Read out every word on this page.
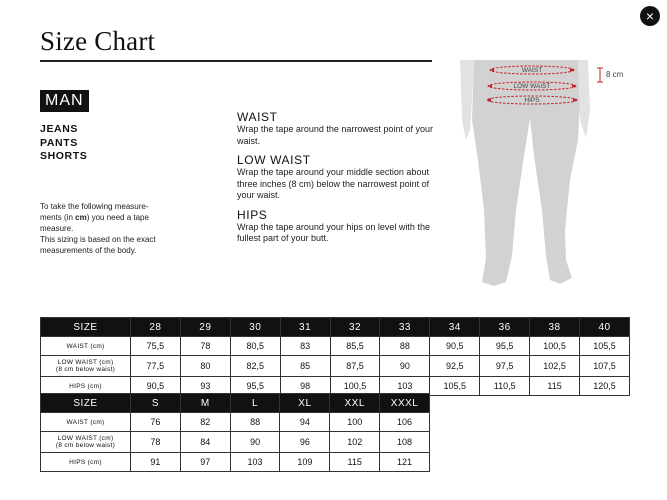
×
Size Chart
MAN
JEANS
PANTS
SHORTS
To take the following measure-
ments (in cm) you need a tape
measure.
This sizing is based on the exact
measurements of the body.
WAIST
Wrap the tape around the narrowest point of your waist.
LOW WAIST
Wrap the tape around your middle section about three inches (8 cm) below the narrowest point of your waist.
HIPS
Wrap the tape around your hips on level with the fullest part of your butt.
WAIST
LOW WAIST
HIPS
8 cm
SIZE	28	29	30	31	32	33	34	36	38	40
WAIST (cm)	75,5	78	80,5	83	85,5	88	90,5	95,5	100,5	105,5

LOW WAIST (cm)
(8 cm below waist)	77,5	80	82,5	85	87,5	90	92,5	97,5	102,5	107,5
HIPS (cm)	90,5	93	95,5	98	100,5	103	105,5	110,5	115	120,5
SIZE	S	M	L	XL	XXL	XXXL
WAIST (cm)	76	82	88	94	100	106

LOW WAIST (cm)
(8 cm below waist)	78	84	90	96	102	108
HIPS (cm)	91	97	103	109	115	121
